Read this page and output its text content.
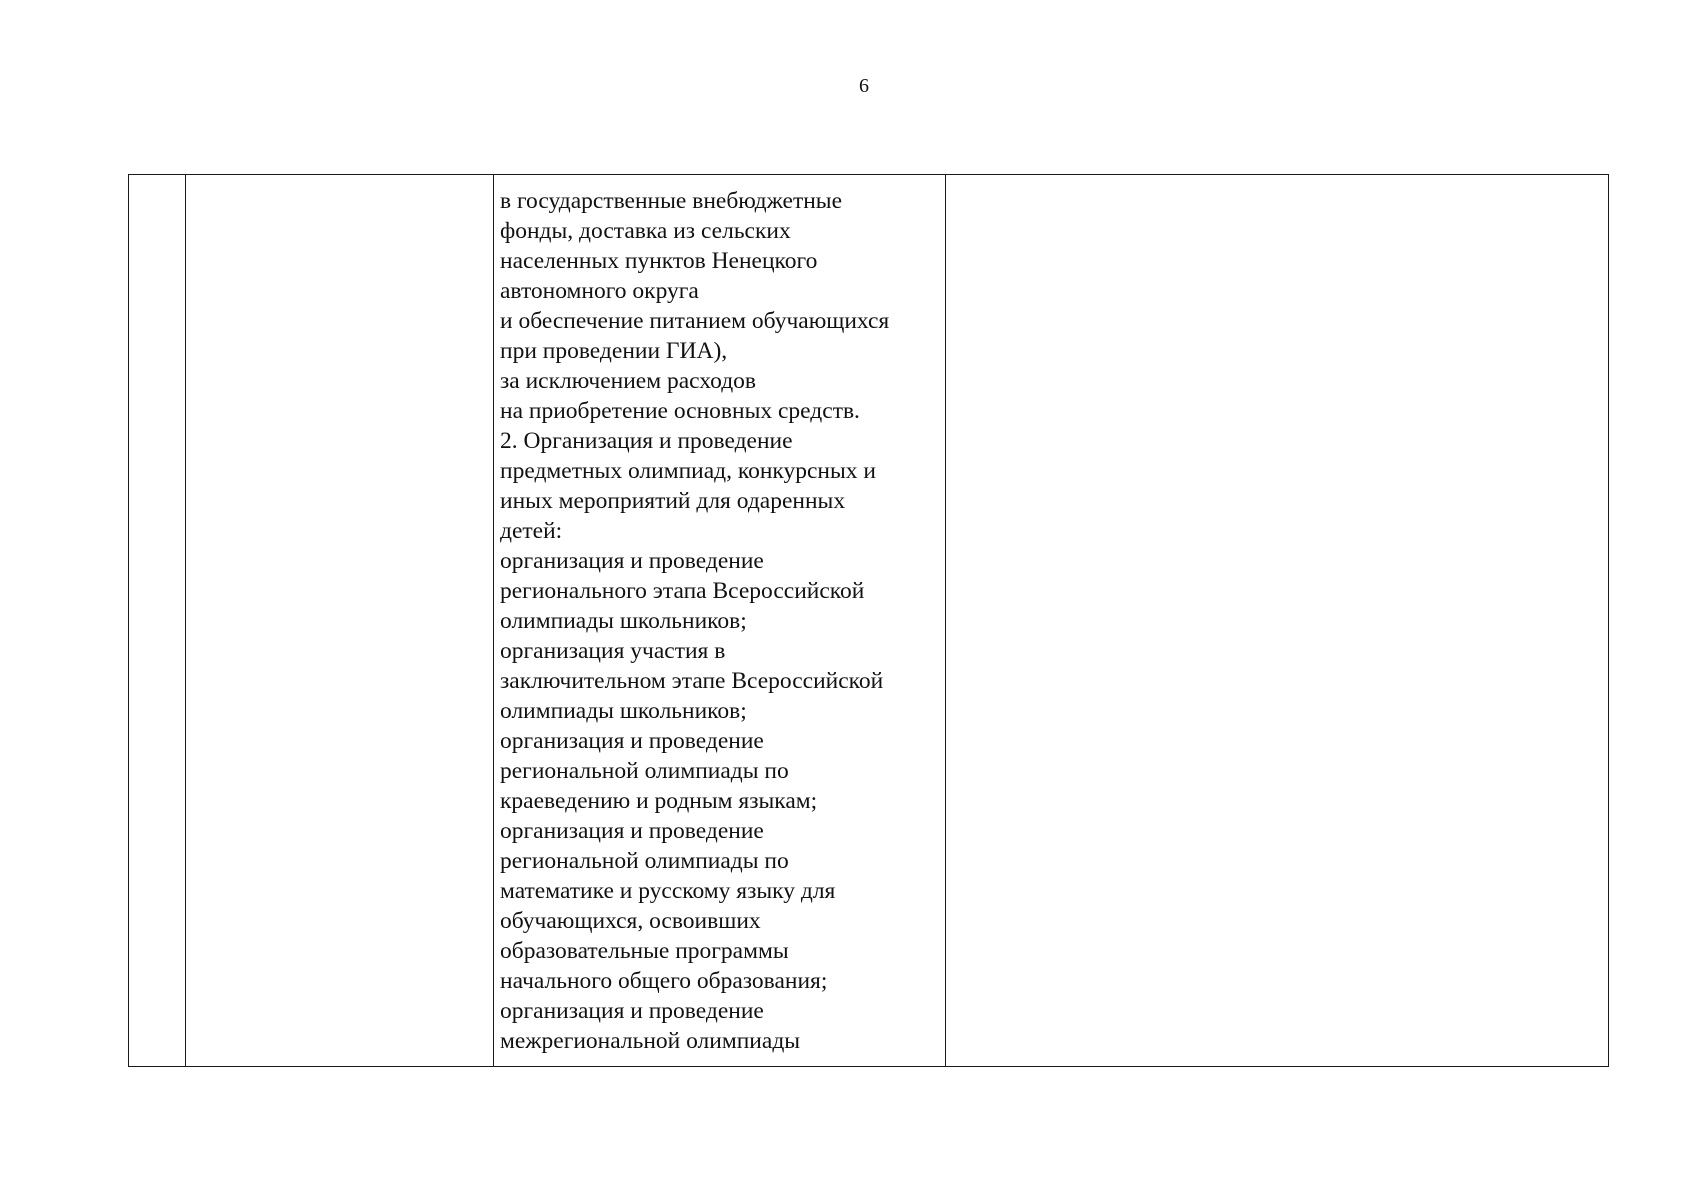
6

в государственные внебюджетные
фонды, доставка из сельских
населенных пунктов Ненецкого
автономного округа
и обеспечение питанием обучающихся
при проведении ГИА),
за исключением расходов
на приобретение основных средств.
2. Организация и проведение
предметных олимпиад, конкурсных и
иных мероприятий для одаренных
детей:
организация и проведение
регионального этапа Всероссийской
олимпиады школьников;
организация участия в
заключительном этапе Всероссийской
олимпиады школьников;
организация и проведение
региональной олимпиады по
краеведению и родным языкам;
организация и проведение
региональной олимпиады по
математике и русскому языку для
обучающихся, освоивших
образовательные программы
начального общего образования;
организация и проведение
межрегиональной олимпиады
